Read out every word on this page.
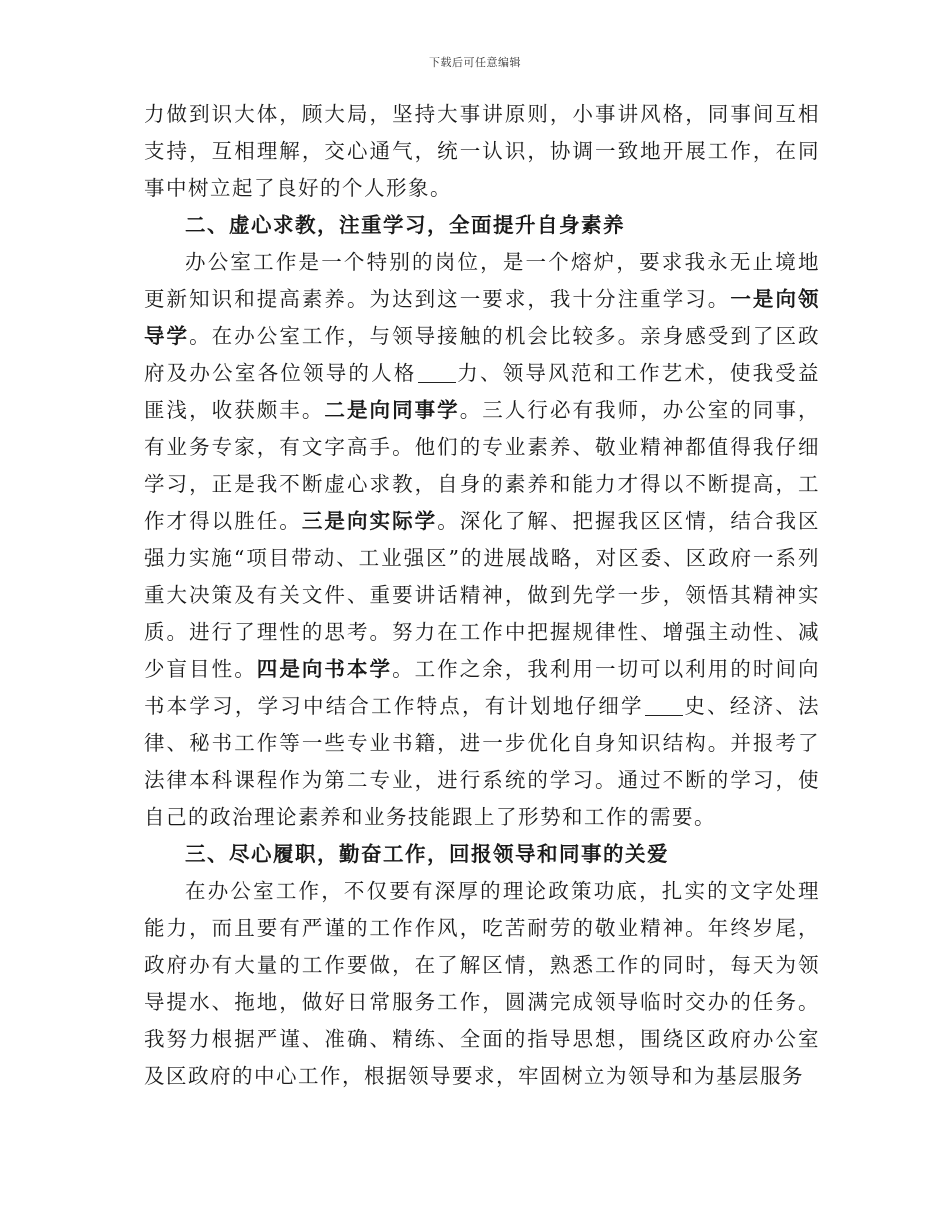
下载后可任意编辑

力做到识大体，顾大局，坚持大事讲原则，小事讲风格，同事间互相支持，互相理解，交心通气，统一认识，协调一致地开展工作，在同事中树立起了良好的个人形象。

二、虚心求教，注重学习，全面提升自身素养

办公室工作是一个特别的岗位，是一个熔炉，要求我永无止境地更新知识和提高素养。为达到这一要求，我十分注重学习。一是向领导学。在办公室工作，与领导接触的机会比较多。亲身感受到了区政府及办公室各位领导的人格 力、领导风范和工作艺术，使我受益匪浅，收获颇丰。二是向同事学。三人行必有我师，办公室的同事，有业务专家，有文字高手。他们的专业素养、敬业精神都值得我仔细学习，正是我不断虚心求教，自身的素养和能力才得以不断提高，工作才得以胜任。三是向实际学。深化了解、把握我区区情，结合我区强力实施“项目带动、工业强区”的进展战略，对区委、区政府一系列重大决策及有关文件、重要讲话精神，做到先学一步，领悟其精神实质。进行了理性的思考。努力在工作中把握规律性、增强主动性、减少盲目性。四是向书本学。工作之余，我利用一切可以利用的时间向书本学习，学习中结合工作特点，有计划地仔细学 史、经济、法律、秘书工作等一些专业书籍，进一步优化自身知识结构。并报考了法律本科课程作为第二专业，进行系统的学习。通过不断的学习，使自己的政治理论素养和业务技能跟上了形势和工作的需要。

三、尽心履职，勤奋工作，回报领导和同事的关爱

在办公室工作，不仅要有深厚的理论政策功底，扎实的文字处理能力，而且要有严谨的工作作风，吃苦耐劳的敬业精神。年终岁尾，政府办有大量的工作要做，在了解区情，熟悉工作的同时，每天为领导提水、拖地，做好日常服务工作，圆满完成领导临时交办的任务。我努力根据严谨、准确、精练、全面的指导思想，围绕区政府办公室及区政府的中心工作，根据领导要求，牢固树立为领导和为基层服务
